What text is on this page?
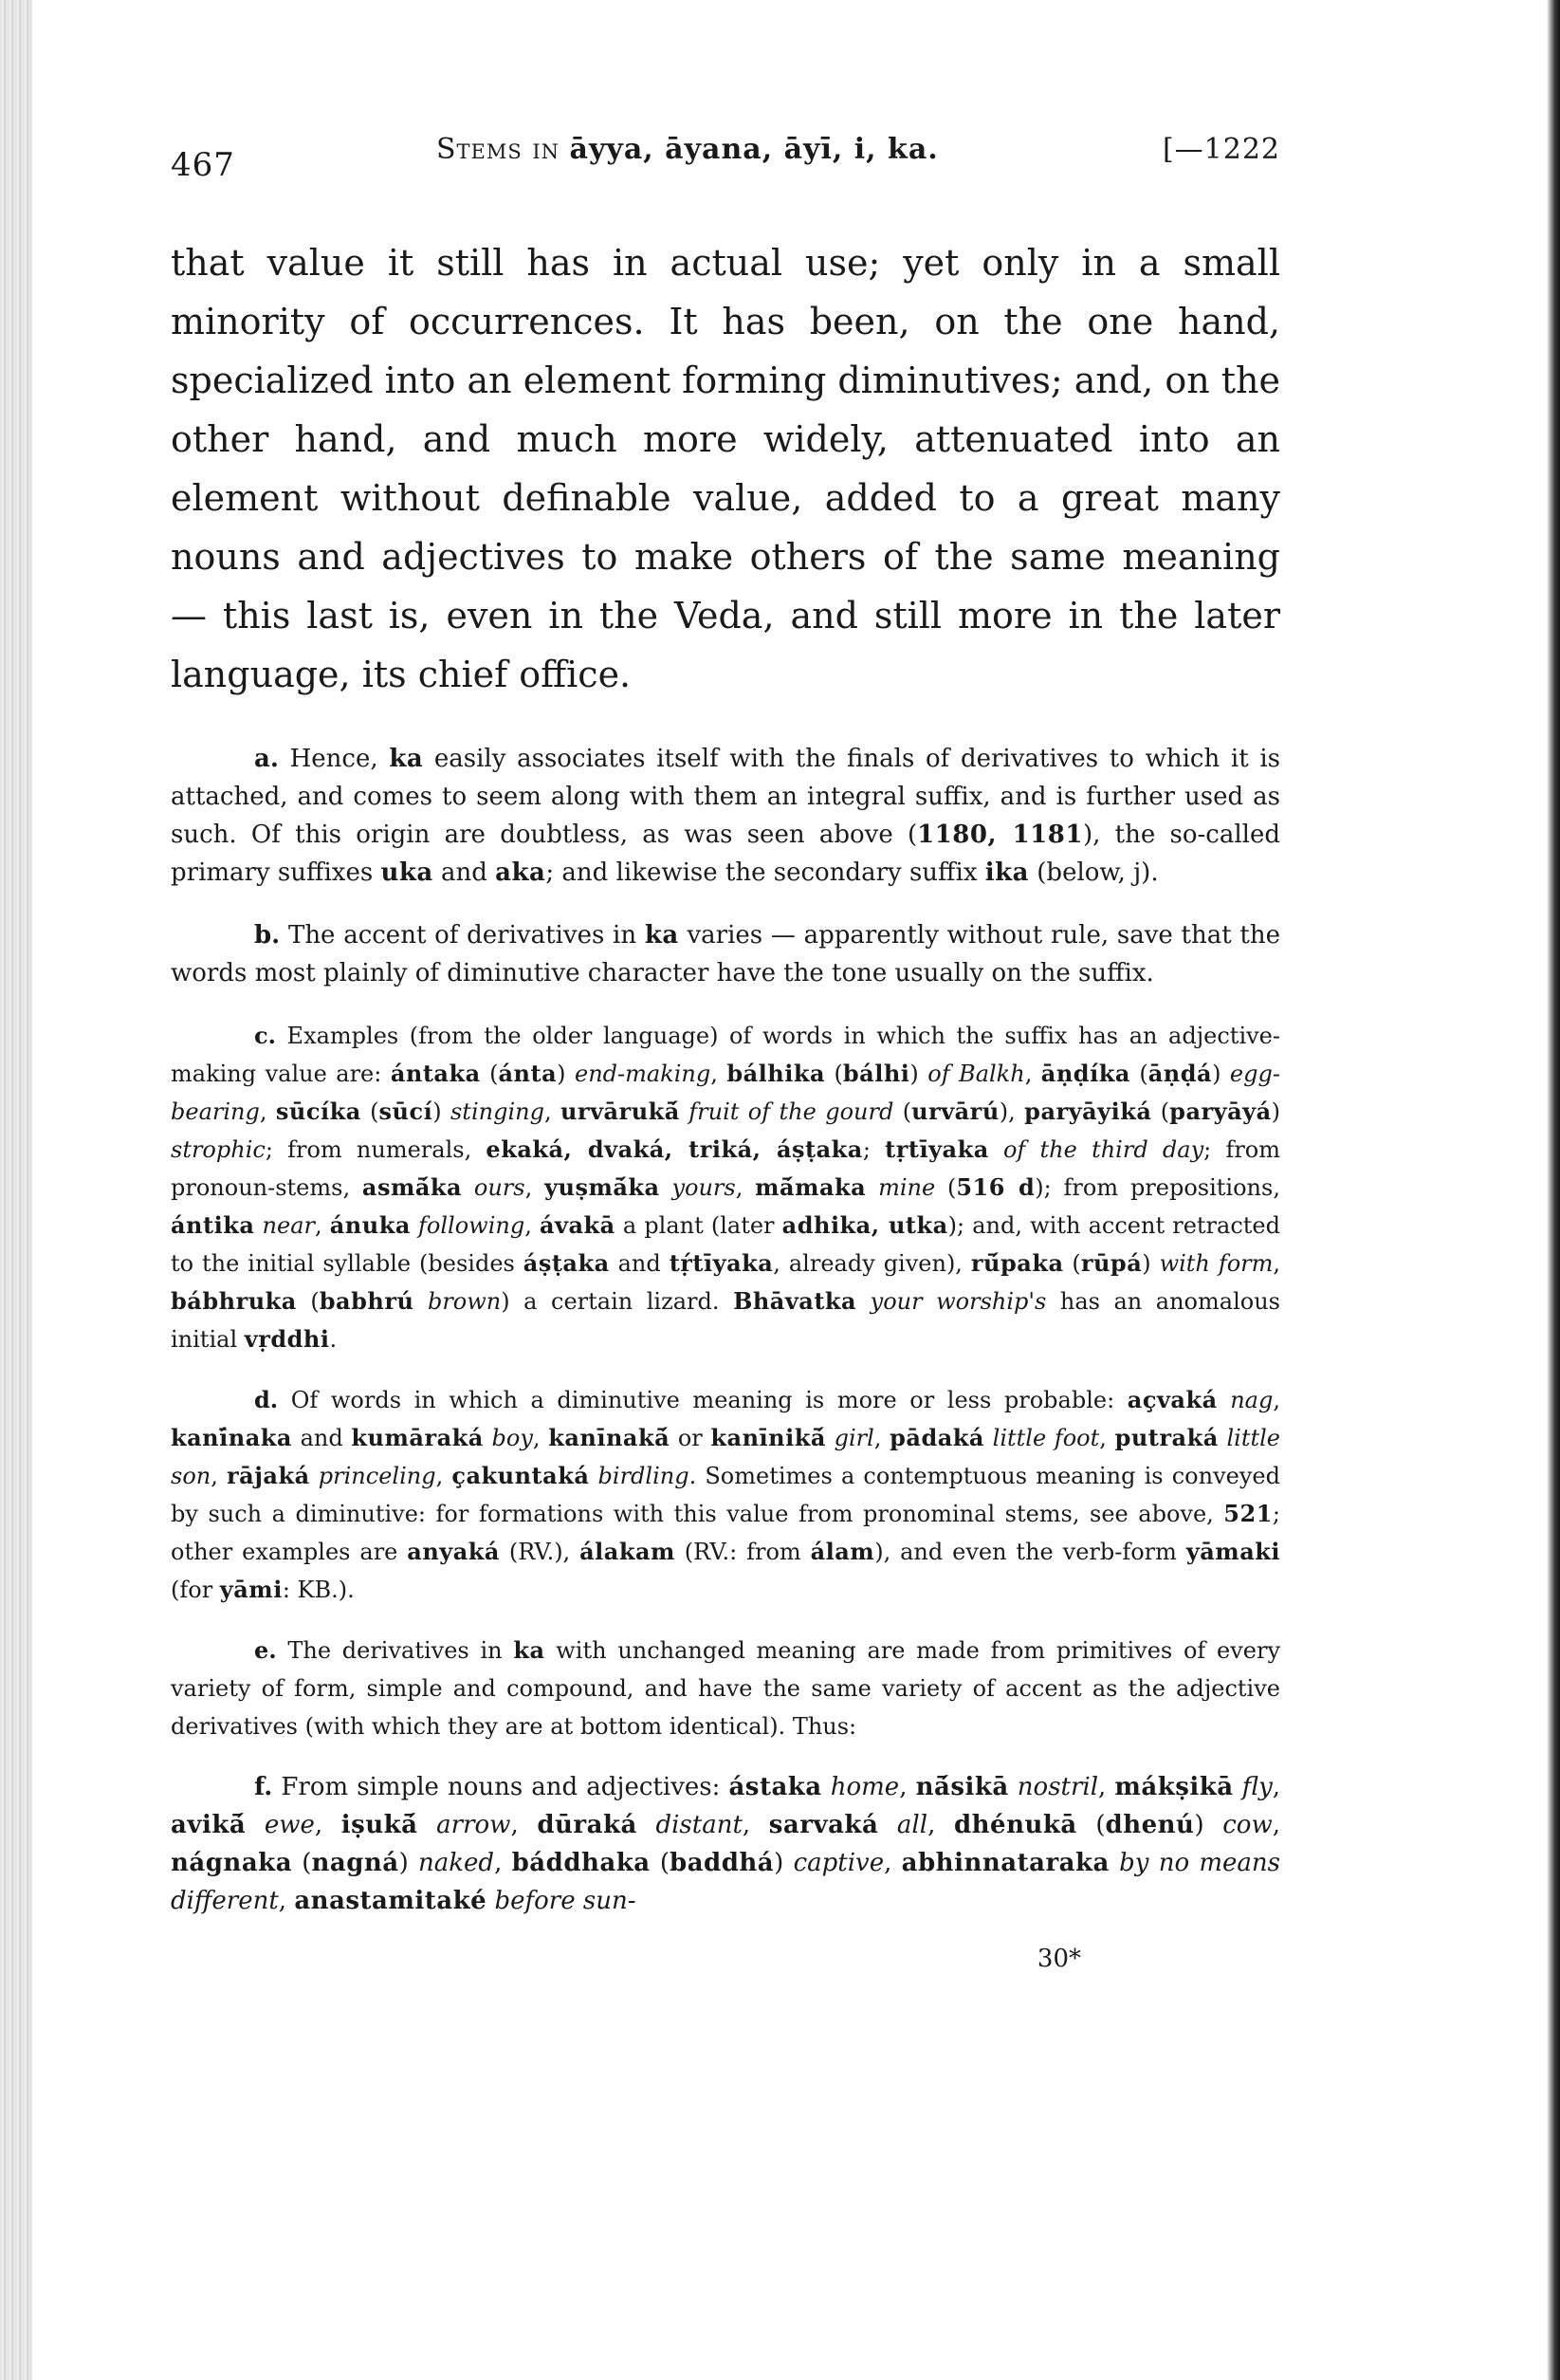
467	Stems in āyya, āyana, āyī, i, ka.	[—1222

that value it still has in actual use; yet only in a small minority of occurrences. It has been, on the one hand, specialized into an element forming diminutives; and, on the other hand, and much more widely, attenuated into an element without definable value, added to a great many nouns and adjectives to make others of the same meaning — this last is, even in the Veda, and still more in the later language, its chief office.

a. Hence, ka easily associates itself with the finals of derivatives to which it is attached, and comes to seem along with them an integral suffix, and is further used as such. Of this origin are doubtless, as was seen above (1180, 1181), the so-called primary suffixes uka and aka; and likewise the secondary suffix ika (below, j).

b. The accent of derivatives in ka varies — apparently without rule, save that the words most plainly of diminutive character have the tone usually on the suffix.

c. Examples (from the older language) of words in which the suffix has an adjective-making value are: ántaka (ánta) end-making, bálhika (bálhi) of Balkh, āṇḍíka (āṇḍá) egg-bearing, sūcíka (sūcí) stinging, urvārukā́ fruit of the gourd (urvārú), paryāyiká (paryāyá) strophic; from numerals, ekaká, dvaká, triká, áṣṭaka; tṛtīyaka of the third day; from pronoun-stems, asmā́ka ours, yuṣmā́ka yours, mā́maka mine (516 d); from prepositions, ántika near, ánuka following, ávakā a plant (later adhika, utka); and, with accent retracted to the initial syllable (besides áṣṭaka and tṛ́tīyaka, already given), rū́paka (rūpá) with form, bábhruka (babhrú brown) a certain lizard. Bhāvatka your worship's has an anomalous initial vṛddhi.

d. Of words in which a diminutive meaning is more or less probable: açvaká nag, kanī́naka and kumāraká boy, kanīnakā́ or kanīnikā́ girl, pādaká little foot, putraká little son, rājaká princeling, çakuntaká birdling. Sometimes a contemptuous meaning is conveyed by such a diminutive: for formations with this value from pronominal stems, see above, 521; other examples are anyaká (RV.), álakam (RV.: from álam), and even the verb-form yāmaki (for yāmi: KB.).

e. The derivatives in ka with unchanged meaning are made from primitives of every variety of form, simple and compound, and have the same variety of accent as the adjective derivatives (with which they are at bottom identical). Thus:

f. From simple nouns and adjectives: ástaka home, nā́sikā nostril, mákṣikā fly, avikā́ ewe, iṣukā́ arrow, dūraká distant, sarvaká all, dhénukā (dhenú) cow, nágnaka (nagná) naked, báddhaka (baddhá) captive, abhinnataraka by no means different, anastamitaké before sun-

30*
